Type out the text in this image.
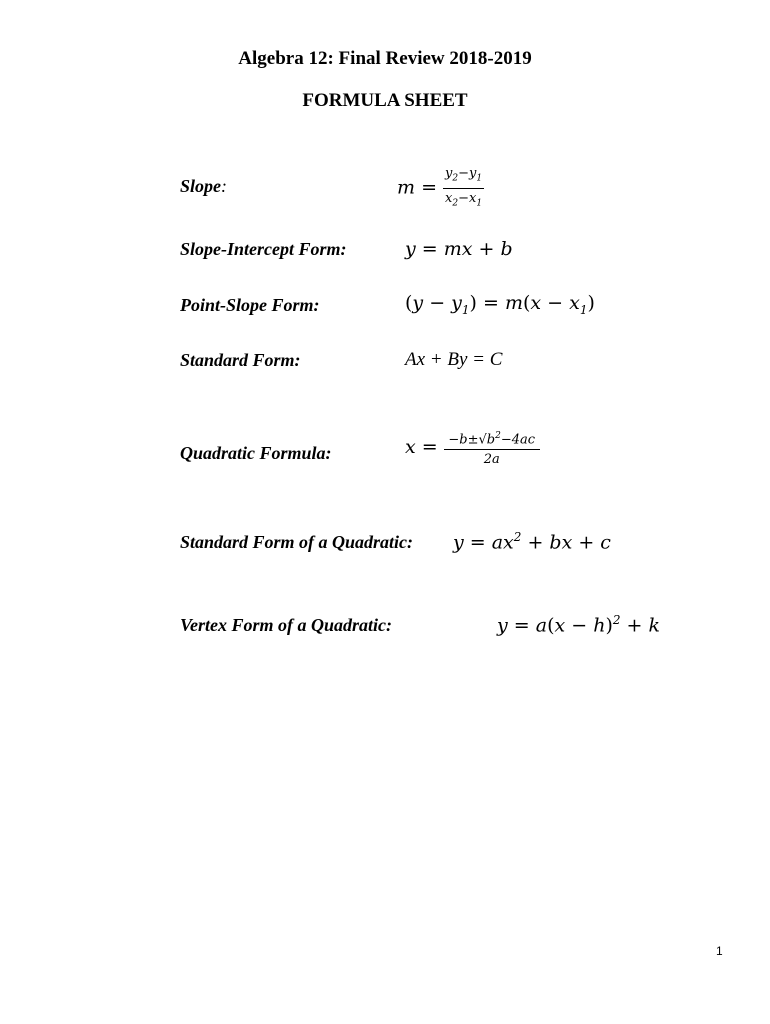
Algebra 12: Final Review 2018-2019
FORMULA SHEET
Slope:	$m = \frac{y_2-y_1}{x_2-x_1}$
Slope-Intercept Form:	y = mx + b
Point-Slope Form:	$(y - y_1) = m(x - x_1)$
Standard Form:	Ax + By = C
Quadratic Formula:	$x = \frac{-b\pm√b^2-4ac}{2a}$
Standard Form of a Quadratic: $y = ax^2$ + bx + c
Vertex Form of a Quadratic:	$y = a(x - h)^2 + k$
1
